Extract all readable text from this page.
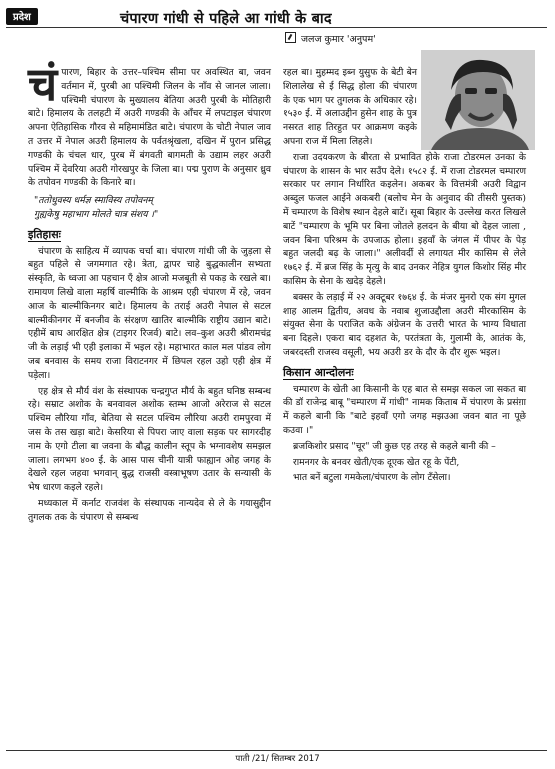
प्रदेश	चंपारण गांधी से पहिले आ गांधी के बाद
जलज कुमार 'अनुपम'

चंपारण, बिहार के उत्तर–पश्चिम सीमा पर अवस्थित बा, जवन वर्तमान में, पुरबी आ पश्चिमी जिलन के नाँव से जानल जाला। पश्चिमी चंपारण के मुख्यालय बेतिया अउरी पुरबी के मोतिहारी बाटे। हिमालय के तलहटी में अउरी गण्डकी के आँचर में लपटाइल चंपारण अपना ऐतिहासिक गौरव से महिमामंडित बाटे। चंपारण के चोटी नेपाल जाव त उत्तर में नेपाल अउरी हिमालय के पर्वतश्रृंखला, दखिन में पुरान प्रसिद्ध गण्डकी के चंचल धार, पुरब में बंगवती बागमती के उद्याम लहर अउरी पश्चिम में देवरिया अउरी गोरखपुर के जिला बा। पद्म पुराण के अनुसार ध्रुव के तपोवन गण्डकी के किनारे बा।

"ततोधुवस्य धर्मज्ञ स्माविस्य तपोवनम्
गुह्यकेषु महाभाग मोलते चात्र संशय ।"
इतिहासः

चंपारण के साहित्य में व्यापक चर्चा बा। चंपारण गांधी जी के जुड़ला से बहुत पहिले से जगमगात रहे। त्रेता, द्वापर चाहे बुद्धकालीन सभ्यता संस्कृति, के ध्वजा आ पहचान एँ क्षेत्र आजो मजबूती से पकड़ के रखले बा। रामायण लिखे वाला महर्षि वाल्मीकि के आश्रम एही चंपारण में रहे, जवन आज के बाल्मीकिनगर बाटे। हिमालय के तराई अउरी नेपाल से सटल बाल्मीकीनगर में बनजीव के संरक्षण खातिर बाल्मीकि राष्ट्रीय उद्यान बाटे। एहीमें बाघ आरक्षित क्षेत्र (टाइगर रिजर्व) बाटे। लव–कुश अउरी श्रीरामचंद्र जी के लड़ाई भी एही इलाका में भइल रहे। महाभारत काल मल पांडव लोग जब बनवास के समय राजा विराटनगर में छिपल रहल उहो एही क्षेत्र में पड़ेला।

एह क्षेत्र से मौर्य वंश के संस्थापक चन्द्रगुप्त मौर्य के बहुत घनिष्ठ सम्बन्ध रहे। सम्राट अशोक के बनवावल अशोक स्तम्भ आजो अरेराज से सटल पश्चिम लौरिया गाँव, बेतिया से सटल पश्चिम लौरिया अउरी रामपुरवा में जस के तस खड़ा बाटे। केसरिया से पिपरा जाए वाला सड़क पर सागरदीह नाम के एगो टीला बा जवना के बौद्ध कालीन स्तूप के भग्नावशेष समझल जाला। लगभग ४०० ई. के आस पास चीनी यात्री फाह्यान ओह जगह के देखले रहल जहवा भगवान् बुद्ध राजसी वस्त्राभूषण उतार के सन्यासी के भेष धारण कइले रहले।

मध्यकाल में कर्नाट राजवंश के संस्थापक नान्यदेव से ले के गयासुद्दीन तुगलक तक के चंपारण से सम्बन्ध

रहल बा। मुहम्मद इब्न युसुफ के बेटी बेन शिलालेख से ई सिद्ध होला की चंपारण के एक भाग पर तुगलक के अधिकार रहे। १५३० ई. में अलाउद्दीन हुसेन शाह के पुत्र नसरत शाह तिरहुत पर आक्रमण कइके अपना राज में मिला लिहले।

राजा उदयकरण के बीरता से प्रभावित होके राजा टोडरमल उनका के चंपारण के शासन के भार सउँप देले। १५८२ ई. में राजा टोडरमल चम्पारण सरकार पर लगान निर्धारित कइलेन। अकबर के वित्तमंत्री अउरी विद्वान अब्दुल फजल आईने अकबरी (बलोच मेन के अनुवाद की तीसरी पुस्तक) में चम्पारण के विशेष स्थान देहले बाटें। सूबा बिहार के उल्लेख करत लिखले बाटें "चम्पारण के भूमि पर बिना जोतले हलदन के बीया बो देहल जाला , जवन बिना परिश्रम के उपजाऊ होला। इहवाँ के जंगल में पीपर के पेड़ बहुत जलदी बढ़ के जाला।" अलीवर्दी से लगायत मीर कासिम से लेले १७६२ ई. में ब्रज सिंह के मृत्यु के बाद उनकर नेहित्र युगल किशोर सिंह मीर कासिम के सेना के खदेड़ देहले।

बक्सर के लड़ाई में २२ अक्टूबर १७६४ ई. के मंजर मुनरो एक संग मुगल शाह आलम द्वितीय, अवध के नवाब शुजाउद्दौला अउरी मीरकासिम के संयुक्त सेना के पराजित कके अंग्रेजन के उत्तरी भारत के भाग्य विधाता बना दिहले। एकरा बाद दहशत के, परतंत्रता के, गुलामी के, आतंक के, जबरदस्ती राजस्व वसूली, भय अउरी डर के दौर के दौर शुरू भइल।

किसान आन्दोलनः

चम्पारण के खेती आ किसानी के एह बात से समझ सकल जा सकत बा की डॉ राजेन्द्र बाबू "चम्पारण में गांधी" नामक किताब में चंपारण के प्रसंग़ा में कहले बानी कि "बाटे इहवाँ एगो जगह मझउआ जवन बात ना पूछे कउवा ।"

ब्रजकिशोर प्रसाद "चूर" जी कुछ एह तरह से कहले बानी की –

रामनगर के बनवर खेती/एक दूएक खेत रहू के पेंटी,

भात बनें बटुला गमकेला/चंपारण के लोग टँसेला।

पाती /21/ सितम्बर 2017
